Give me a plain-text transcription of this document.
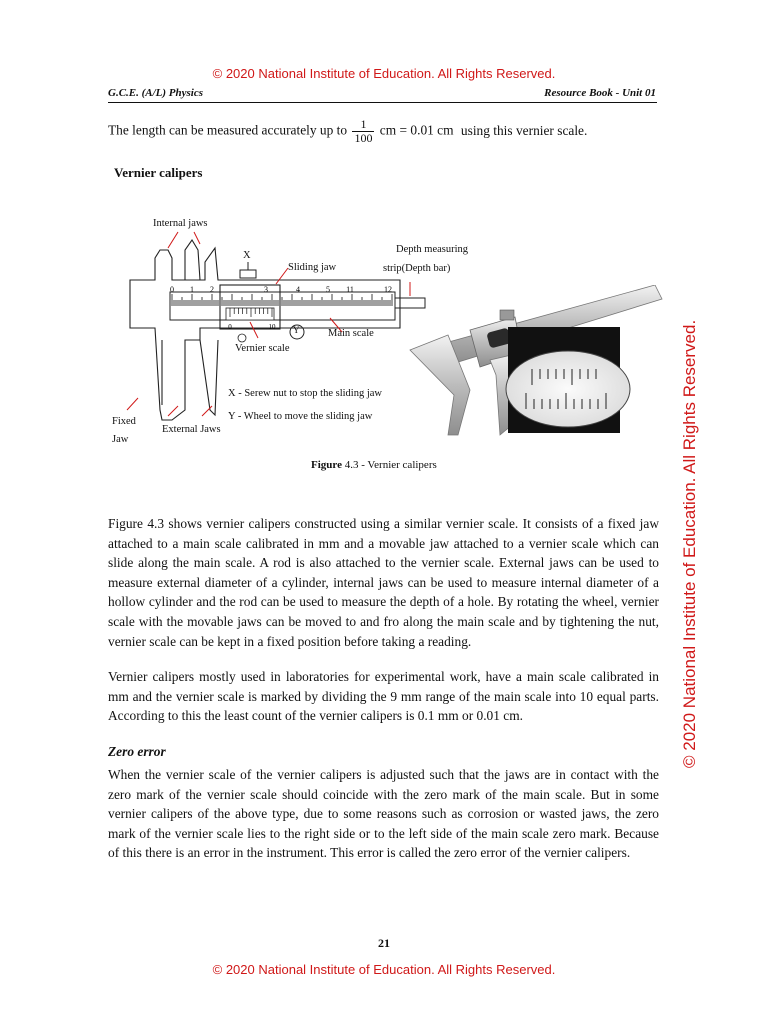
© 2020 National Institute of Education. All Rights Reserved.
G.C.E. (A/L) Physics	Resource Book - Unit 01
The length can be measured accurately up to $\frac{1}{100}$ cm = 0.01 cm using this vernier scale.
Vernier calipers
0 1 2	3	4	5 11	12
0	10
Internal jaws
X
Sliding jaw
Depth measuring
strip(Depth bar)
Y	Main scale
Vernier scale
X - Serew nut to stop the sliding jaw
Y - Wheel to move the sliding jaw
Fixed
Jaw
External Jaws
Figure 4.3 - Vernier calipers
Figure 4.3 shows vernier calipers constructed using a similar vernier scale. It consists of a fixed jaw attached to a main scale calibrated in mm and a movable jaw attached to a vernier scale which can slide along the main scale. A rod is also attached to the vernier scale. External jaws can be used to measure external diameter of a cylinder, internal jaws can be used to measure internal diameter of a hollow cylinder and the rod can be used to measure the depth of a hole. By rotating the wheel, vernier scale with the movable jaws can be moved to and fro along the main scale and by tightening the nut, vernier scale can be kept in a fixed position before taking a reading.
Vernier calipers mostly used in laboratories for experimental work, have a main scale calibrated in mm and the vernier scale is marked by dividing the 9 mm range of the main scale into 10 equal parts. According to this the least count of the vernier calipers is 0.1 mm or 0.01 cm.
Zero error
When the vernier scale of the vernier calipers is adjusted such that the jaws are in contact with the zero mark of the vernier scale should coincide with the zero mark of the main scale. But in some vernier calipers of the above type, due to some reasons such as corrosion or wasted jaws, the zero mark of the vernier scale lies to the right side or to the left side of the main scale zero mark. Because of this there is an error in the instrument. This error is called the zero error of the vernier calipers.
21
© 2020 National Institute of Education. All Rights Reserved.
© 2020 National Institute of Education. All Rights Reserved.
